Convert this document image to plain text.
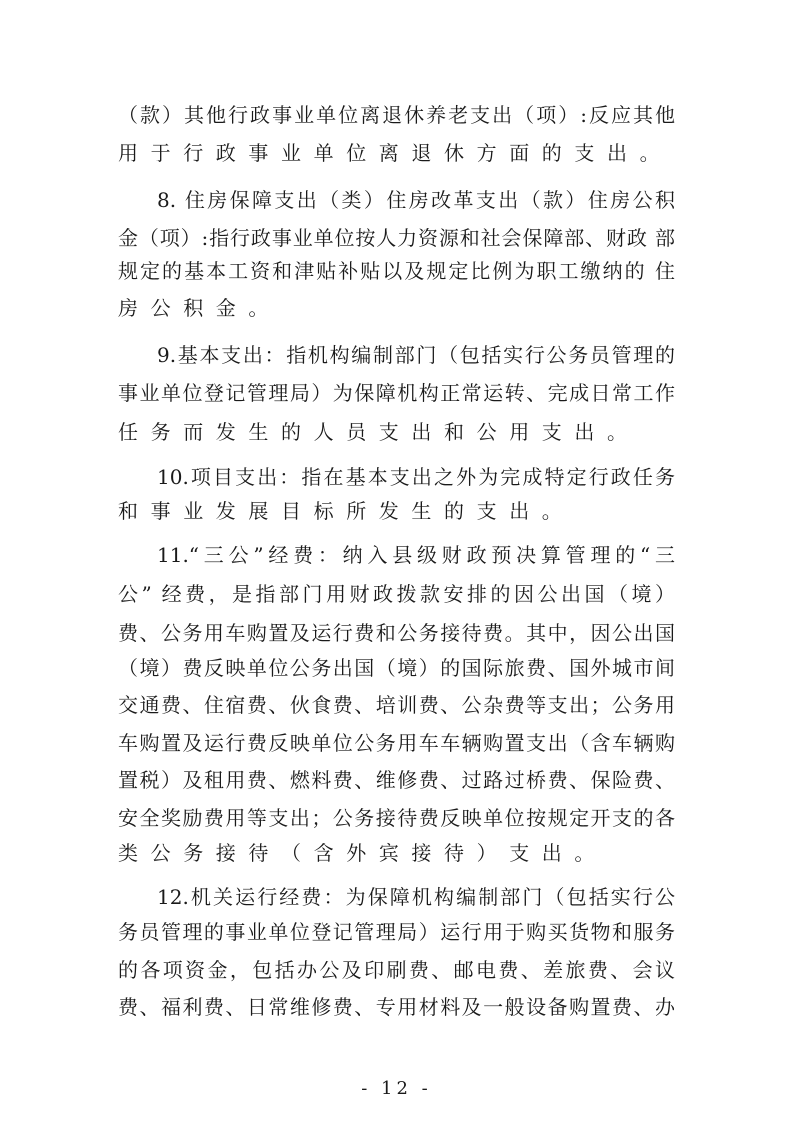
（款）其他行政事业单位离退休养老支出（项）:反应其他
用于行政事业单位离退休方面的支出。
8. 住房保障支出（类）住房改革支出（款）住房公积
金（项）:指行政事业单位按人力资源和社会保障部、财政 部
规定的基本工资和津贴补贴以及规定比例为职工缴纳的 住
房公积金。
9.基本支出：指机构编制部门（包括实行公务员管理的
事业单位登记管理局）为保障机构正常运转、完成日常工作
任务而发生的人员支出和公用支出。
10.项目支出：指在基本支出之外为完成特定行政任务
和事业发展目标所发生的支出。
11.“三公”经费：纳入县级财政预决算管理的“三
公” 经费，是指部门用财政拨款安排的因公出国（境）
费、公务用车购置及运行费和公务接待费。其中，因公出国
（境）费反映单位公务出国（境）的国际旅费、国外城市间
交通费、住宿费、伙食费、培训费、公杂费等支出；公务用
车购置及运行费反映单位公务用车车辆购置支出（含车辆购
置税）及租用费、燃料费、维修费、过路过桥费、保险费、
安全奖励费用等支出；公务接待费反映单位按规定开支的各
类公务接待（含外宾接待）支出。
12.机关运行经费：为保障机构编制部门（包括实行公
务员管理的事业单位登记管理局）运行用于购买货物和服务
的各项资金，包括办公及印刷费、邮电费、差旅费、会议
费、福利费、日常维修费、专用材料及一般设备购置费、办
- 12 -
